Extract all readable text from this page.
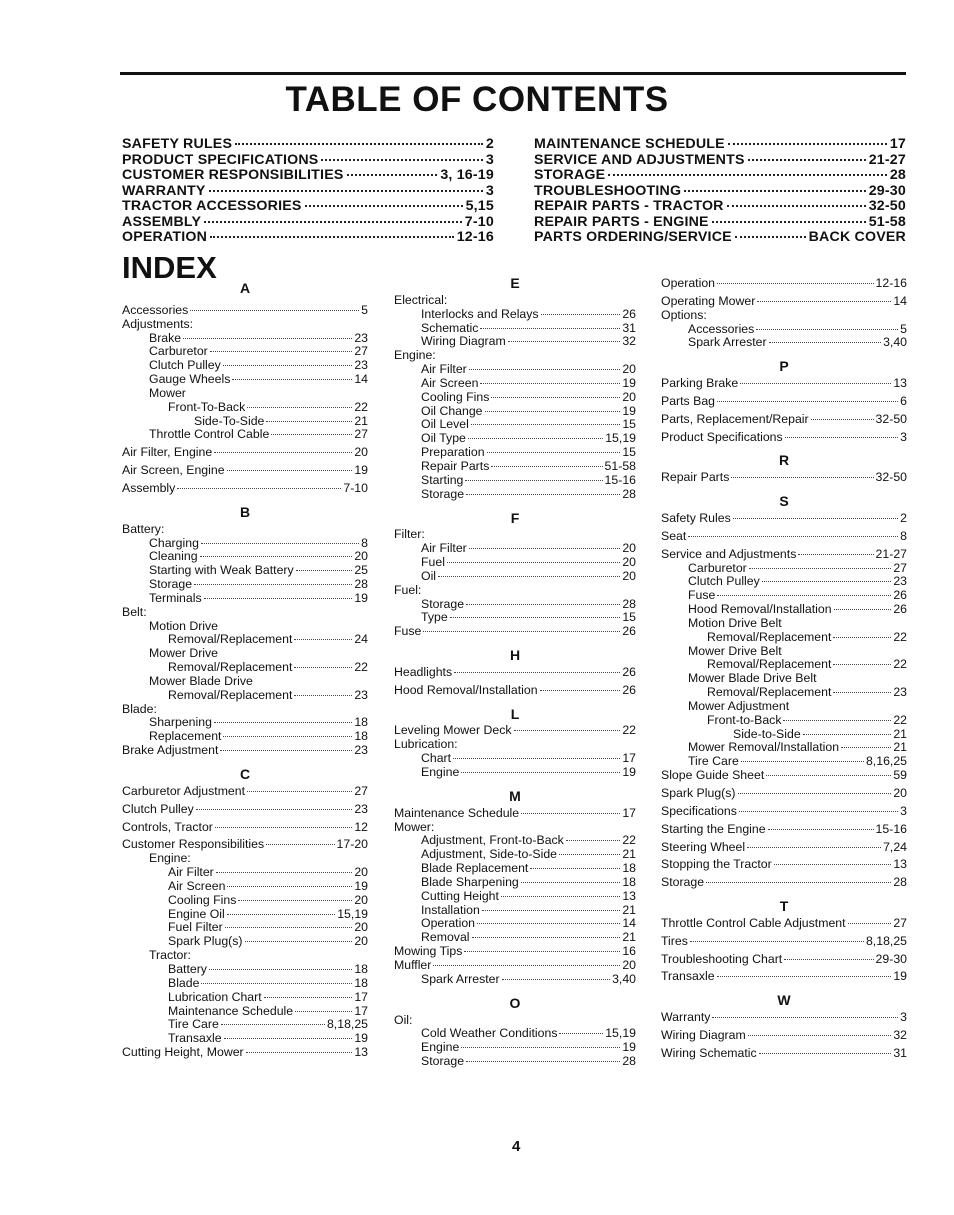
TABLE OF CONTENTS
SAFETY RULES	2
PRODUCT SPECIFICATIONS	3
CUSTOMER RESPONSIBILITIES	3, 16-19
WARRANTY	3
TRACTOR ACCESSORIES	5,15
ASSEMBLY	7-10
OPERATION	12-16
MAINTENANCE SCHEDULE	17
SERVICE AND ADJUSTMENTS	21-27
STORAGE	28
TROUBLESHOOTING	29-30
REPAIR PARTS - TRACTOR	32-50
REPAIR PARTS - ENGINE	51-58
PARTS ORDERING/SERVICE	BACK COVER
INDEX
A
Accessories	5
Adjustments:
Brake	23
Carburetor	27
Clutch Pulley	23
Gauge Wheels	14
Mower
Front-To-Back	22
Side-To-Side	21
Throttle Control Cable	27
Air Filter, Engine	20
Air Screen, Engine	19
Assembly	7-10
B
Battery:
Charging	8
Cleaning	20
Starting with Weak Battery	25
Storage	28
Terminals	19
Belt:
Motion Drive
Removal/Replacement	24
Mower Drive
Removal/Replacement	22
Mower Blade Drive
Removal/Replacement	23
Blade:
Sharpening	18
Replacement	18
Brake Adjustment	23
C
Carburetor Adjustment	27
Clutch Pulley	23
Controls, Tractor	12
Customer Responsibilities	17-20
Engine:
Air Filter	20
Air Screen	19
Cooling Fins	20
Engine Oil	15,19
Fuel Filter	20
Spark Plug(s)	20
Tractor:
Battery	18
Blade	18
Lubrication Chart	17
Maintenance Schedule	17
Tire Care	8,18,25
Transaxle	19
Cutting Height, Mower	13
E
Electrical:
Interlocks and Relays	26
Schematic	31
Wiring Diagram	32
Engine:
Air Filter	20
Air Screen	19
Cooling Fins	20
Oil Change	19
Oil Level	15
Oil Type	15,19
Preparation	15
Repair Parts	51-58
Starting	15-16
Storage	28
F
Filter:
Air Filter	20
Fuel	20
Oil	20
Fuel:
Storage	28
Type	15
Fuse	26
H
Headlights	26
Hood Removal/Installation	26
L
Leveling Mower Deck	22
Lubrication:
Chart	17
Engine	19
M
Maintenance Schedule	17
Mower:
Adjustment, Front-to-Back	22
Adjustment, Side-to-Side	21
Blade Replacement	18
Blade Sharpening	18
Cutting Height	13
Installation	21
Operation	14
Removal	21
Mowing Tips	16
Muffler	20
Spark Arrester	3,40
O
Oil:
Cold Weather Conditions	15,19
Engine	19
Storage	28
Operation	12-16
Operating Mower	14
Options:
Accessories	5
Spark Arrester	3,40
P
Parking Brake	13
Parts Bag	6
Parts, Replacement/Repair	32-50
Product Specifications	3
R
Repair Parts	32-50
S
Safety Rules	2
Seat	8
Service and Adjustments	21-27
Carburetor	27
Clutch Pulley	23
Fuse	26
Hood Removal/Installation	26
Motion Drive Belt
Removal/Replacement	22
Mower Drive Belt
Removal/Replacement	22
Mower Blade Drive Belt
Removal/Replacement	23
Mower Adjustment
Front-to-Back	22
Side-to-Side	21
Mower Removal/Installation	21
Tire Care	8,16,25
Slope Guide Sheet	59
Spark Plug(s)	20
Specifications	3
Starting the Engine	15-16
Steering Wheel	7,24
Stopping the Tractor	13
Storage	28
T
Throttle Control Cable Adjustment	27
Tires	8,18,25
Troubleshooting Chart	29-30
Transaxle	19
W
Warranty	3
Wiring Diagram	32
Wiring Schematic	31
4
